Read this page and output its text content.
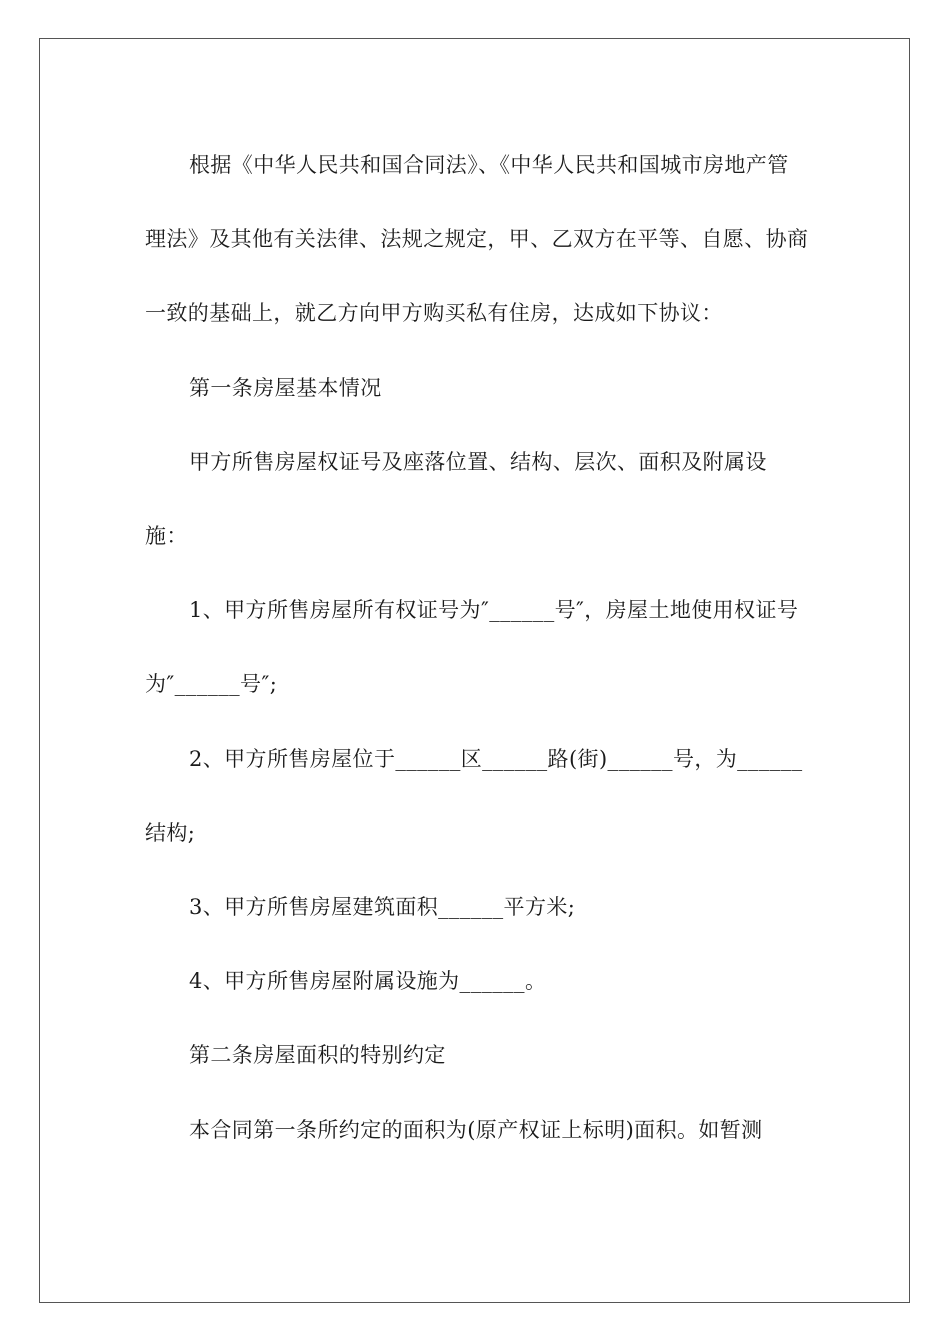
根据《中华人民共和国合同法》、《中华人民共和国城市房地产管理法》及其他有关法律、法规之规定，甲、乙双方在平等、自愿、协商一致的基础上，就乙方向甲方购买私有住房，达成如下协议：

第一条房屋基本情况

甲方所售房屋权证号及座落位置、结构、层次、面积及附属设施：

1、甲方所售房屋所有权证号为″______号″，房屋土地使用权证号为″______号″;

2、甲方所售房屋位于______区______路(街)______号，为______结构;

3、甲方所售房屋建筑面积______平方米;

4、甲方所售房屋附属设施为______。

第二条房屋面积的特别约定

本合同第一条所约定的面积为(原产权证上标明)面积。如暂测
